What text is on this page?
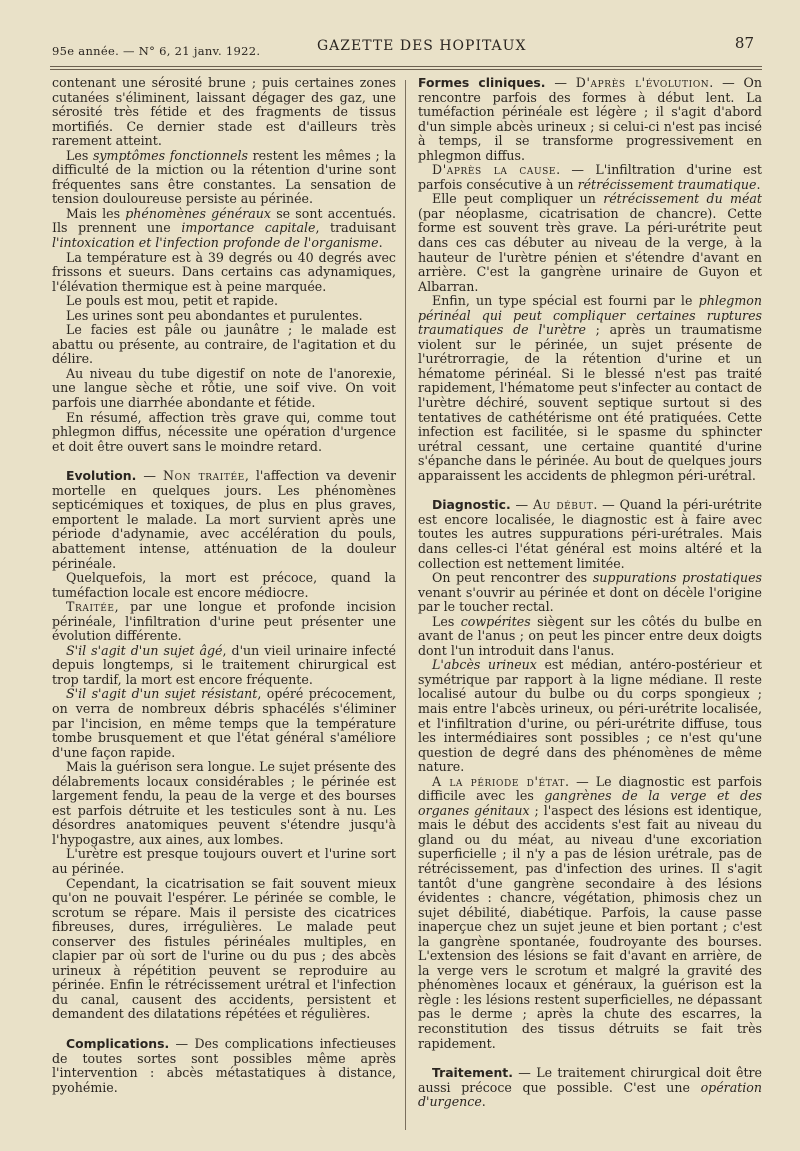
95e année. — N° 6, 21 janv. 1922.	GAZETTE DES HOPITAUX	87

contenant une sérosité brune ; puis certaines zones cutanées s'éliminent, laissant dégager des gaz, une sérosité très fétide et des fragments de tissus mortifiés. Ce dernier stade est d'ailleurs très rarement atteint.

Les symptômes fonctionnels restent les mêmes ; la difficulté de la miction ou la rétention d'urine sont fréquentes sans être constantes. La sensation de tension douloureuse persiste au périnée.

Mais les phénomènes généraux se sont accentués. Ils prennent une importance capitale, traduisant l'intoxication et l'infection profonde de l'organisme.

La température est à 39 degrés ou 40 degrés avec frissons et sueurs. Dans certains cas adynamiques, l'élévation thermique est à peine marquée.

Le pouls est mou, petit et rapide.

Les urines sont peu abondantes et purulentes.

Le facies est pâle ou jaunâtre ; le malade est abattu ou présente, au contraire, de l'agitation et du délire.

Au niveau du tube digestif on note de l'anorexie, une langue sèche et rôtie, une soif vive. On voit parfois une diarrhée abondante et fétide.

En résumé, affection très grave qui, comme tout phlegmon diffus, nécessite une opération d'urgence et doit être ouvert sans le moindre retard.

Evolution. — Non traitée, l'affection va devenir mortelle en quelques jours. Les phénomènes septicémiques et toxiques, de plus en plus graves, emportent le malade. La mort survient après une période d'adynamie, avec accélération du pouls, abattement intense, atténuation de la douleur périnéale.

Quelquefois, la mort est précoce, quand la tuméfaction locale est encore médiocre.

Traitée, par une longue et profonde incision périnéale, l'infiltration d'urine peut présenter une évolution différente.

S'il s'agit d'un sujet âgé, d'un vieil urinaire infecté depuis longtemps, si le traitement chirurgical est trop tardif, la mort est encore fréquente.

S'il s'agit d'un sujet résistant, opéré précocement, on verra de nombreux débris sphacélés s'éliminer par l'incision, en même temps que la température tombe brusquement et que l'état général s'améliore d'une façon rapide.

Mais la guérison sera longue. Le sujet présente des délabrements locaux considérables ; le périnée est largement fendu, la peau de la verge et des bourses est parfois détruite et les testicules sont à nu. Les désordres anatomiques peuvent s'étendre jusqu'à l'hypogastre, aux aines, aux lombes.

L'urètre est presque toujours ouvert et l'urine sort au périnée.

Cependant, la cicatrisation se fait souvent mieux qu'on ne pouvait l'espérer. Le périnée se comble, le scrotum se répare. Mais il persiste des cicatrices fibreuses, dures, irrégulières. Le malade peut conserver des fistules périnéales multiples, en clapier par où sort de l'urine ou du pus ; des abcès urineux à répétition peuvent se reproduire au périnée. Enfin le rétrécissement urétral et l'infection du canal, causent des accidents, persistent et demandent des dilatations répétées et régulières.

Complications. — Des complications infectieuses de toutes sortes sont possibles même après l'intervention : abcès métastatiques à distance, pyohémie.

Formes cliniques. — D'après l'évolution. — On rencontre parfois des formes à début lent. La tuméfaction périnéale est légère ; il s'agit d'abord d'un simple abcès urineux ; si celui-ci n'est pas incisé à temps, il se transforme progressivement en phlegmon diffus.

D'après la cause. — L'infiltration d'urine est parfois consécutive à un rétrécissement traumatique.

Elle peut compliquer un rétrécissement du méat (par néoplasme, cicatrisation de chancre). Cette forme est souvent très grave. La péri-urétrite peut dans ces cas débuter au niveau de la verge, à la hauteur de l'urètre pénien et s'étendre d'avant en arrière. C'est la gangrène urinaire de Guyon et Albarran.

Enfin, un type spécial est fourni par le phlegmon périnéal qui peut compliquer certaines ruptures traumatiques de l'urètre ; après un traumatisme violent sur le périnée, un sujet présente de l'urétrorragie, de la rétention d'urine et un hématome périnéal. Si le blessé n'est pas traité rapidement, l'hématome peut s'infecter au contact de l'urètre déchiré, souvent septique surtout si des tentatives de cathétérisme ont été pratiquées. Cette infection est facilitée, si le spasme du sphincter urétral cessant, une certaine quantité d'urine s'épanche dans le périnée. Au bout de quelques jours apparaissent les accidents de phlegmon péri-urétral.

Diagnostic. — Au début. — Quand la péri-urétrite est encore localisée, le diagnostic est à faire avec toutes les autres suppurations péri-urétrales. Mais dans celles-ci l'état général est moins altéré et la collection est nettement limitée.

On peut rencontrer des suppurations prostatiques venant s'ouvrir au périnée et dont on décèle l'origine par le toucher rectal.

Les cowpérites siègent sur les côtés du bulbe en avant de l'anus ; on peut les pincer entre deux doigts dont l'un introduit dans l'anus.

L'abcès urineux est médian, antéro-postérieur et symétrique par rapport à la ligne médiane. Il reste localisé autour du bulbe ou du corps spongieux ; mais entre l'abcès urineux, ou péri-urétrite localisée, et l'infiltration d'urine, ou péri-urétrite diffuse, tous les intermédiaires sont possibles ; ce n'est qu'une question de degré dans des phénomènes de même nature.

A la période d'état. — Le diagnostic est parfois difficile avec les gangrènes de la verge et des organes génitaux ; l'aspect des lésions est identique, mais le début des accidents s'est fait au niveau du gland ou du méat, au niveau d'une excoriation superficielle ; il n'y a pas de lésion urétrale, pas de rétrécissement, pas d'infection des urines. Il s'agit tantôt d'une gangrène secondaire à des lésions évidentes : chancre, végétation, phimosis chez un sujet débilité, diabétique. Parfois, la cause passe inaperçue chez un sujet jeune et bien portant ; c'est la gangrène spontanée, foudroyante des bourses. L'extension des lésions se fait d'avant en arrière, de la verge vers le scrotum et malgré la gravité des phénomènes locaux et généraux, la guérison est la règle : les lésions restent superficielles, ne dépassant pas le derme ; après la chute des escarres, la reconstitution des tissus détruits se fait très rapidement.

Traitement. — Le traitement chirurgical doit être aussi précoce que possible. C'est une opération d'urgence.
